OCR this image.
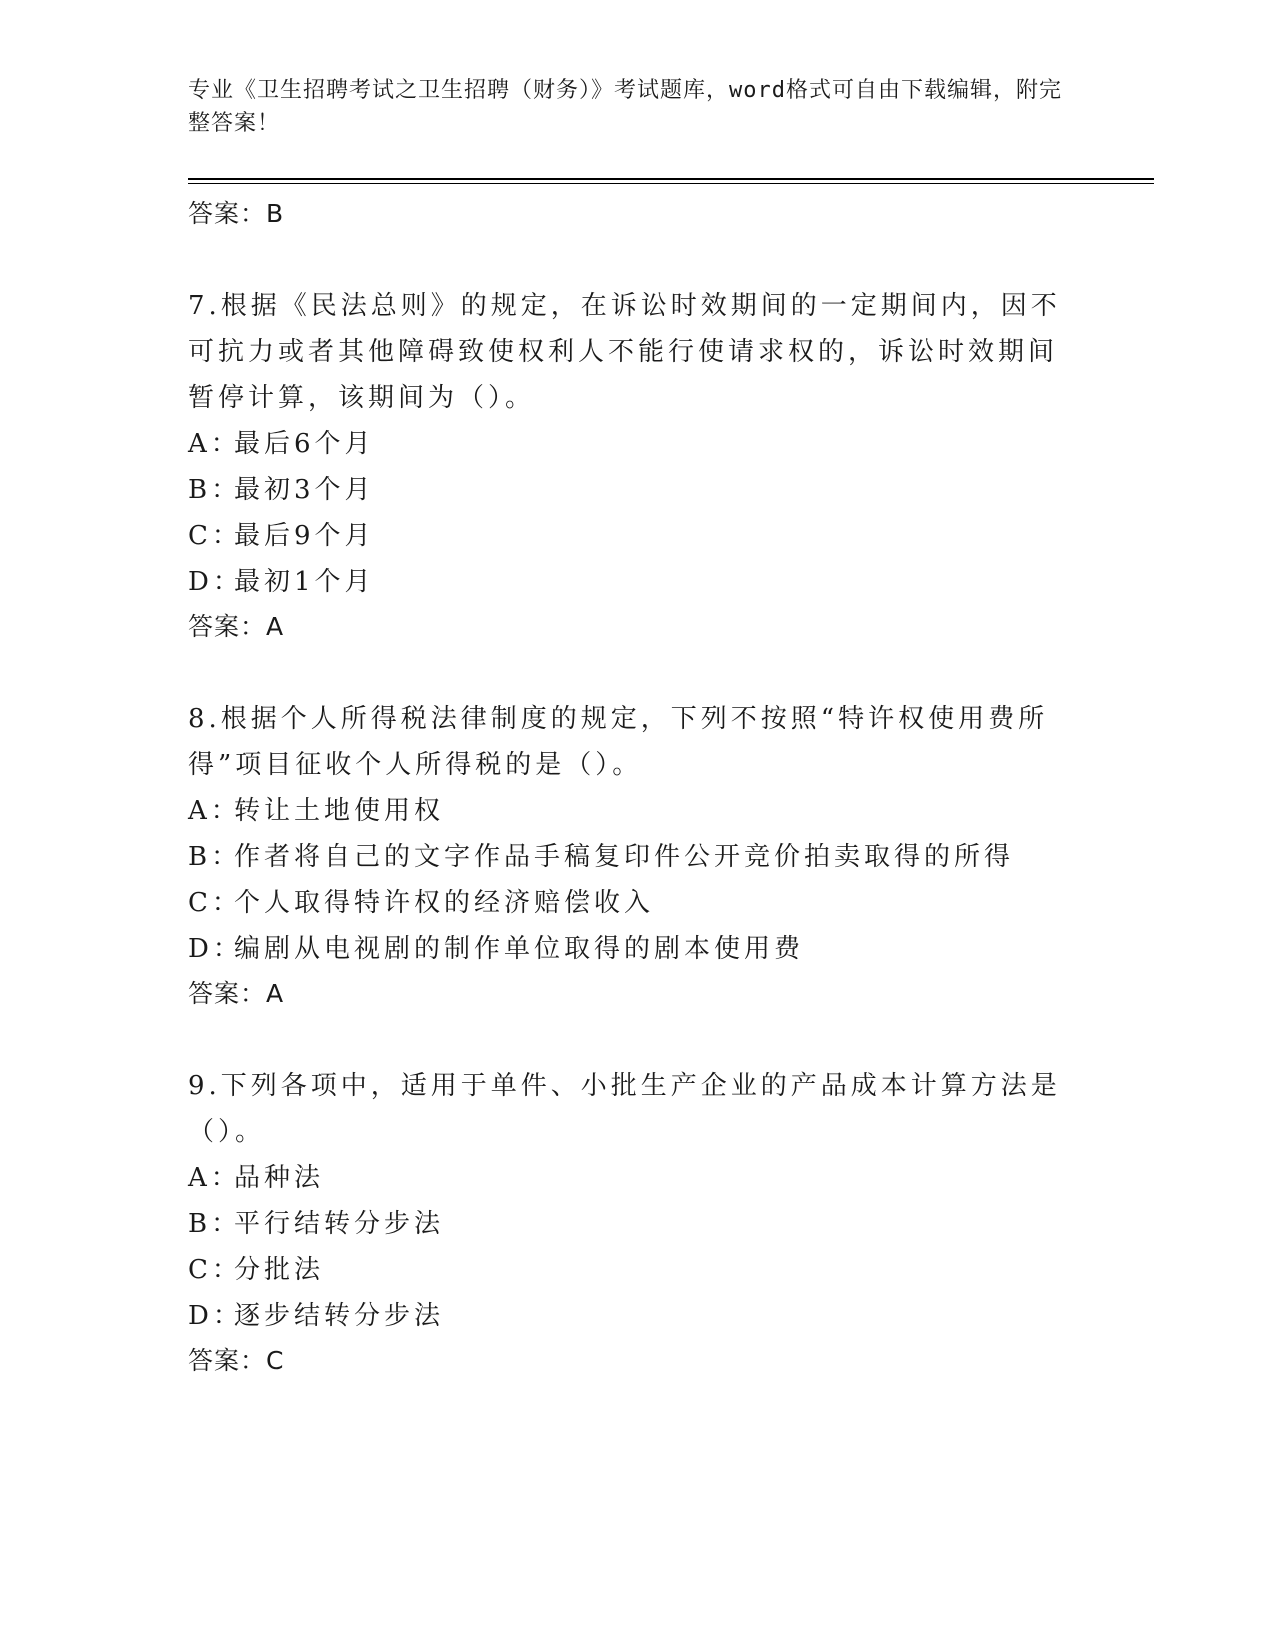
专业《卫生招聘考试之卫生招聘（财务）》考试题库，word格式可自由下载编辑，附完整答案！
答案：B
7.根据《民法总则》的规定，在诉讼时效期间的一定期间内，因不可抗力或者其他障碍致使权利人不能行使请求权的，诉讼时效期间暂停计算，该期间为（）。
A：最后6个月
B：最初3个月
C：最后9个月
D：最初1个月
答案：A
8.根据个人所得税法律制度的规定，下列不按照“特许权使用费所得”项目征收个人所得税的是（）。
A：转让土地使用权
B：作者将自己的文字作品手稿复印件公开竞价拍卖取得的所得
C：个人取得特许权的经济赔偿收入
D：编剧从电视剧的制作单位取得的剧本使用费
答案：A
9.下列各项中，适用于单件、小批生产企业的产品成本计算方法是（）。
A：品种法
B：平行结转分步法
C：分批法
D：逐步结转分步法
答案：C
